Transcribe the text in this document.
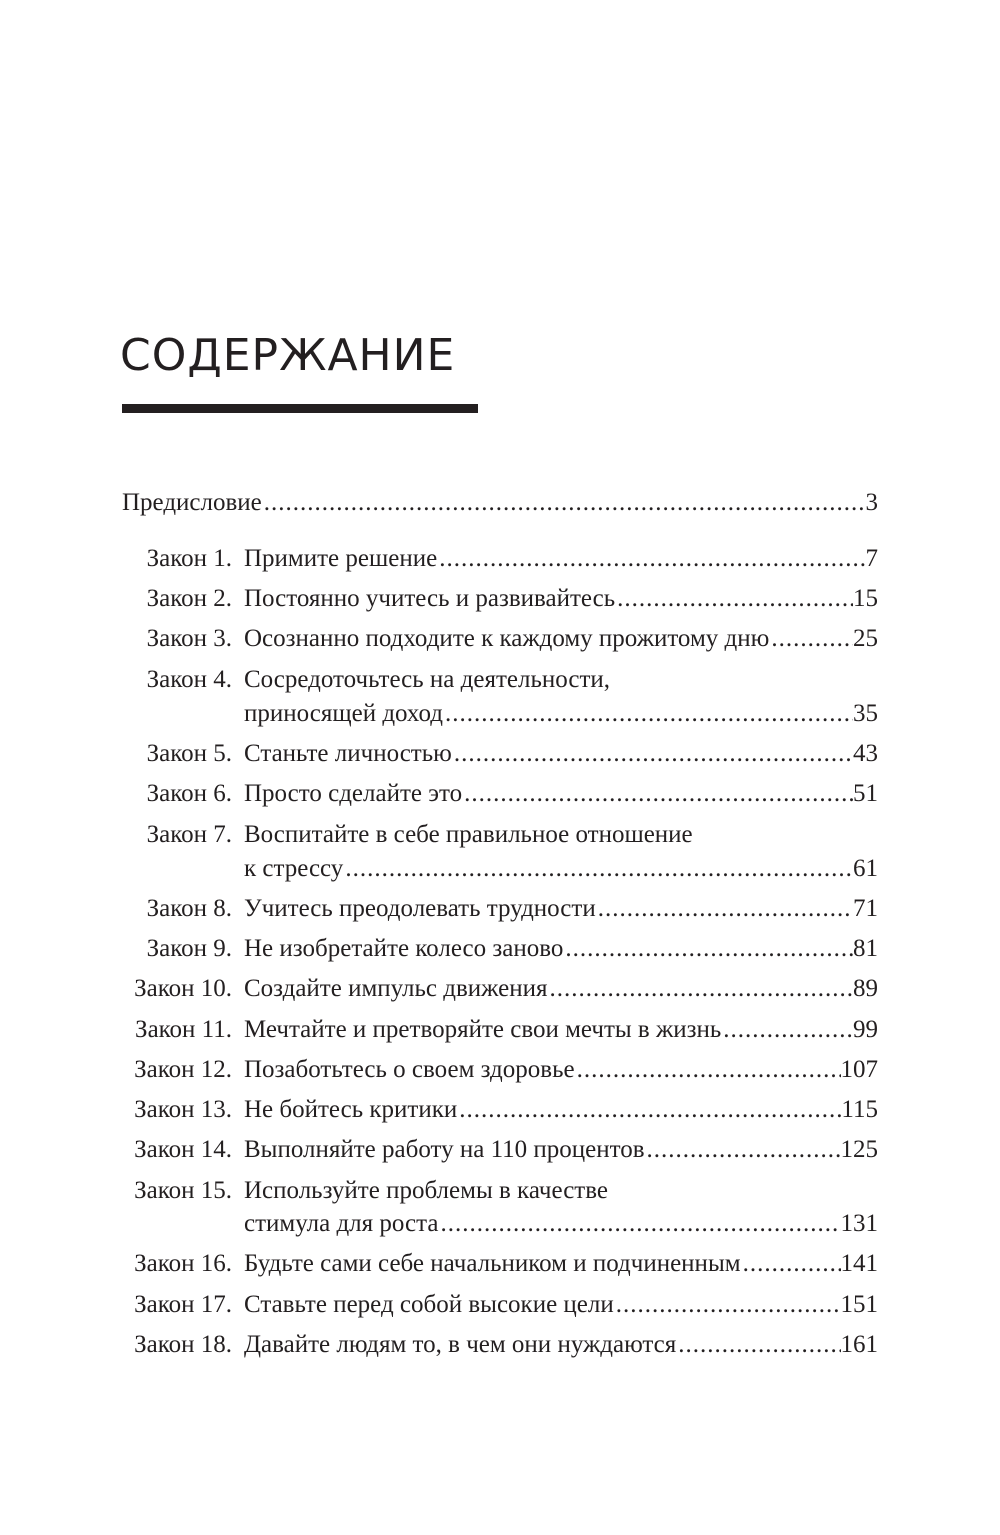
СОДЕРЖАНИЕ
Предисловие .....	3
Закон 1. Примите решение .....	7
Закон 2. Постоянно учитесь и развивайтесь .....	15
Закон 3. Осознанно подходите к каждому прожитому дню .....	25
Закон 4. Сосредоточьтесь на деятельности,
приносящей доход .....	35
Закон 5. Станьте личностью .....	43
Закон 6. Просто сделайте это .....	51
Закон 7. Воспитайте в себе правильное отношение
к стрессу .....	61
Закон 8. Учитесь преодолевать трудности .....	71
Закон 9. Не изобретайте колесо заново .....	81
Закон 10. Создайте импульс движения .....	89
Закон 11. Мечтайте и претворяйте свои мечты в жизнь .....	99
Закон 12. Позаботьтесь о своем здоровье .....	107
Закон 13. Не бойтесь критики .....	115
Закон 14. Выполняйте работу на 110 процентов .....	125
Закон 15. Используйте проблемы в качестве
стимула для роста .....	131
Закон 16. Будьте сами себе начальником и подчиненным .....	141
Закон 17. Ставьте перед собой высокие цели .....	151
Закон 18. Давайте людям то, в чем они нуждаются .....	161
